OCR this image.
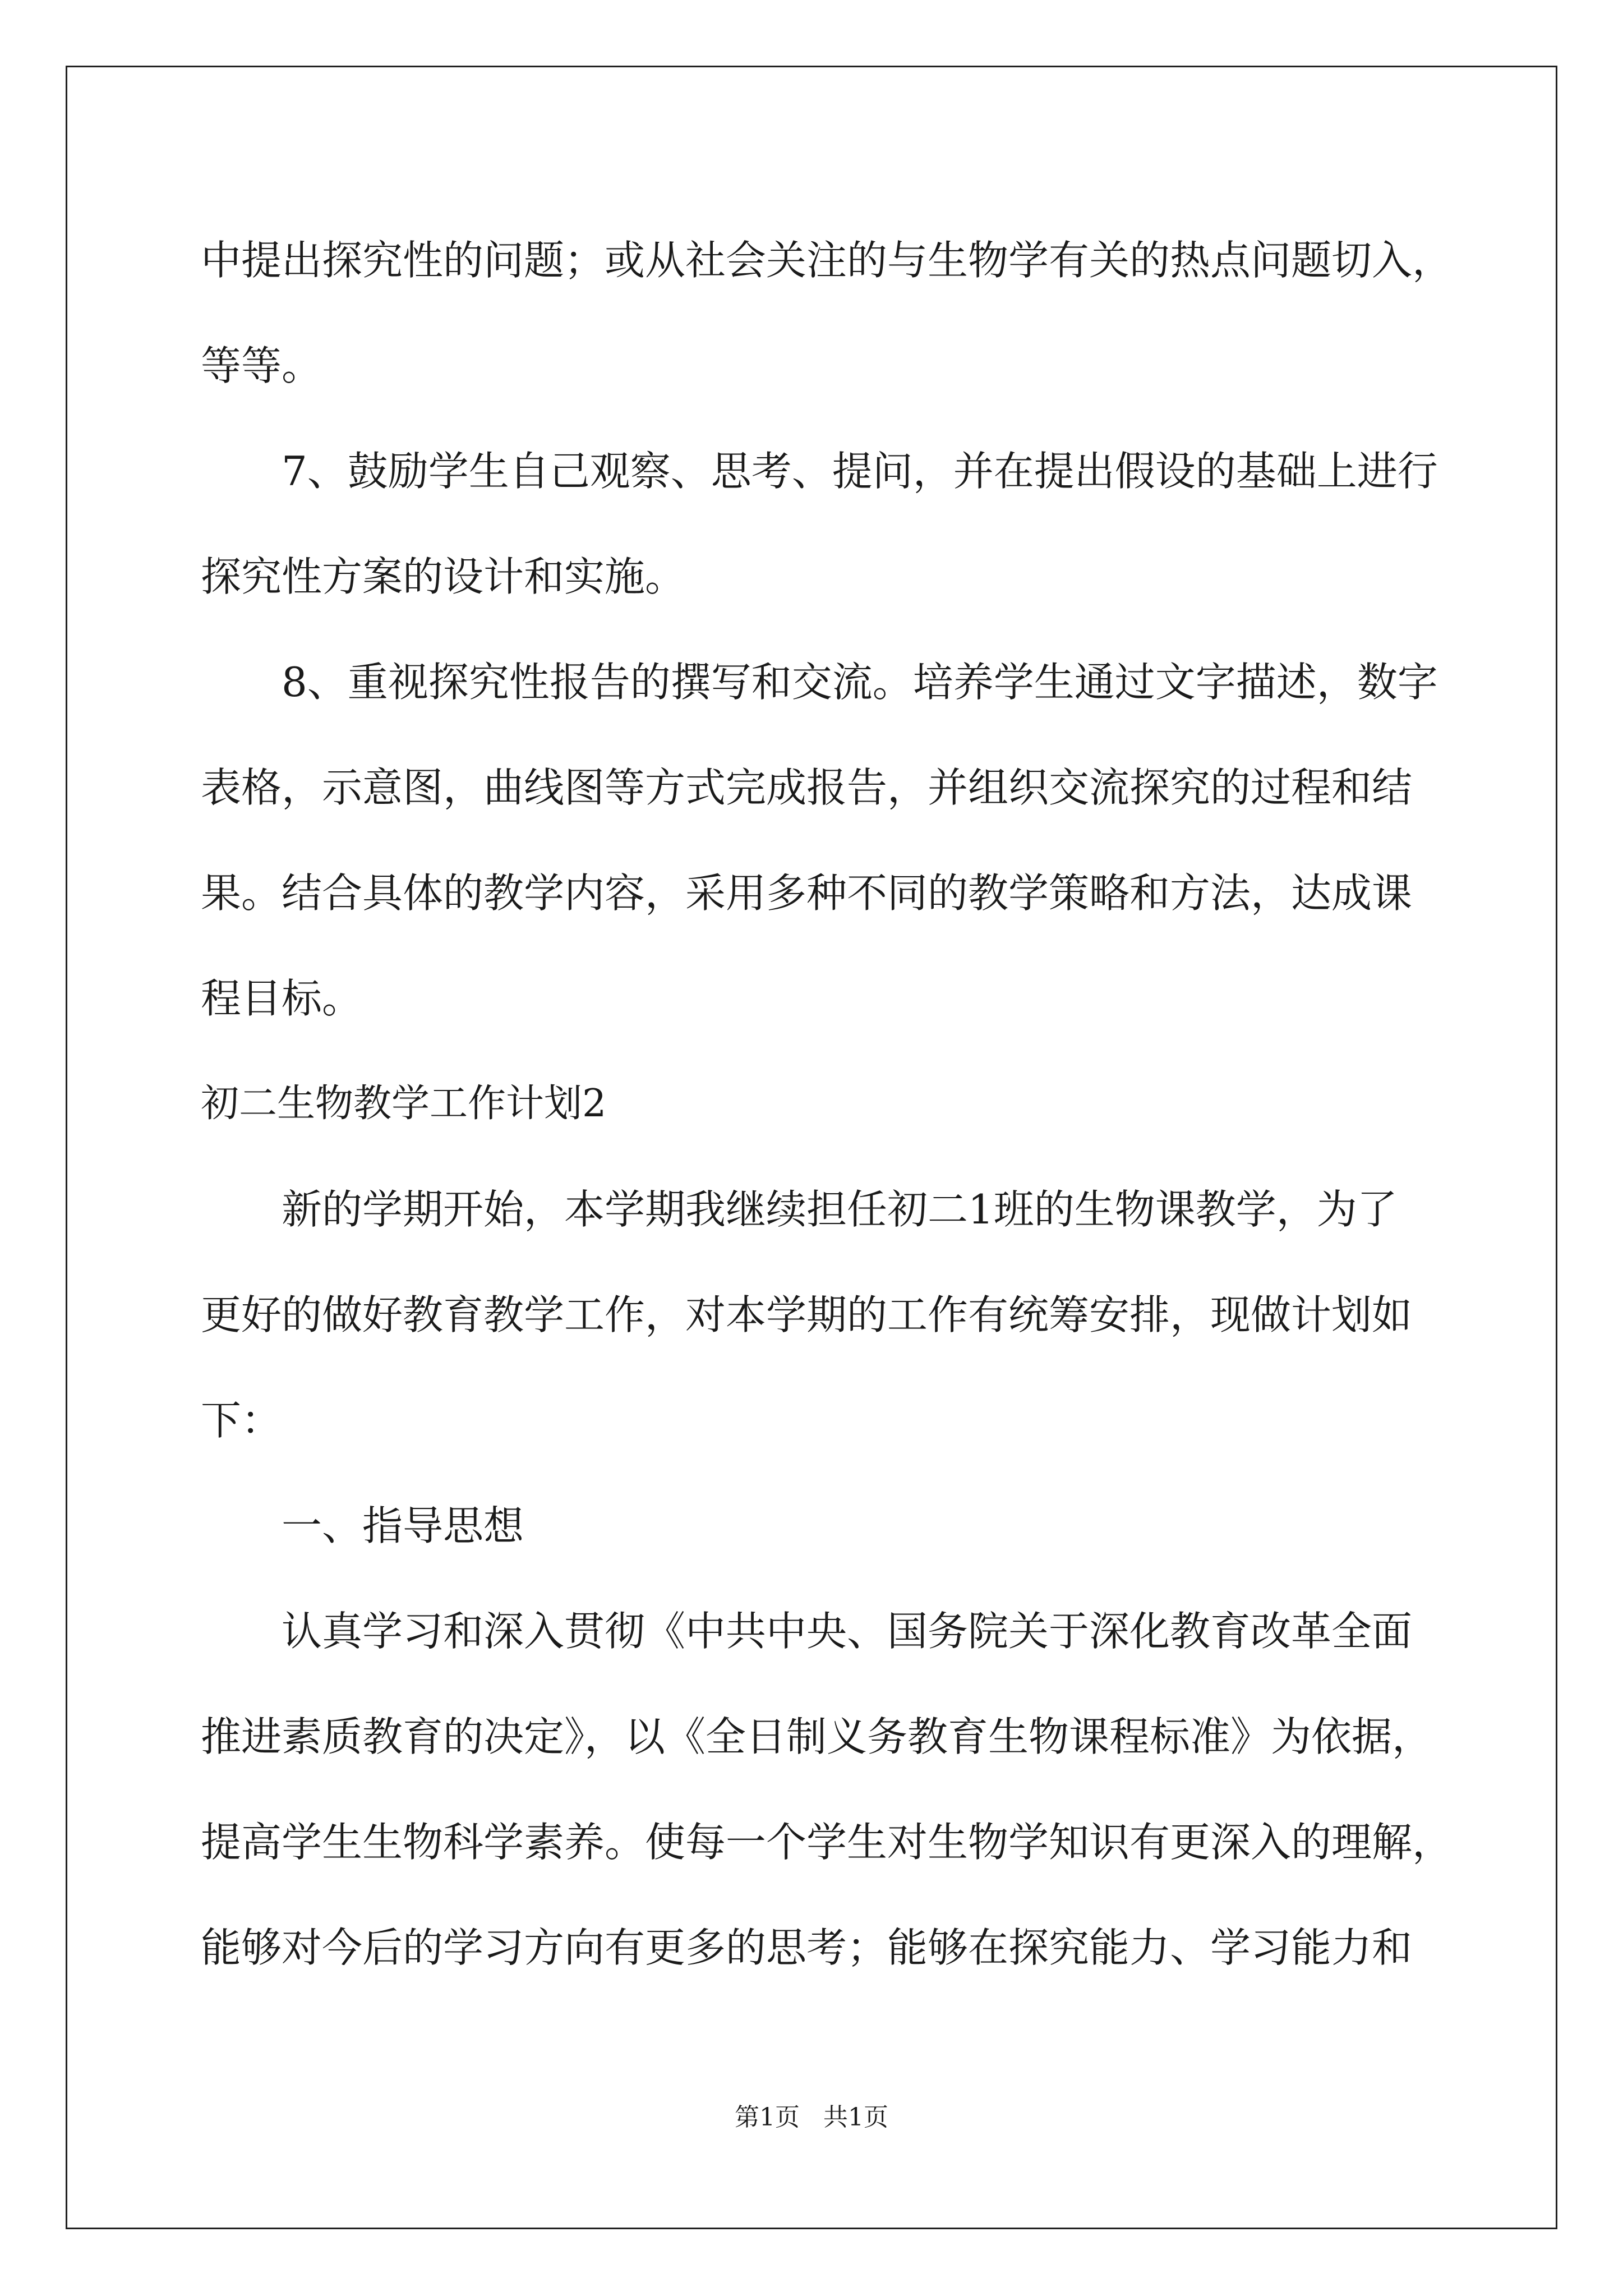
中提出探究性的问题；或从社会关注的与生物学有关的热点问题切入，
等等。
7、鼓励学生自己观察、思考、提问，并在提出假设的基础上进行
探究性方案的设计和实施。
8、重视探究性报告的撰写和交流。培养学生通过文字描述，数字
表格，示意图，曲线图等方式完成报告，并组织交流探究的过程和结
果。结合具体的教学内容，采用多种不同的教学策略和方法，达成课
程目标。
初二生物教学工作计划2
新的学期开始，本学期我继续担任初二1班的生物课教学，为了
更好的做好教育教学工作，对本学期的工作有统筹安排，现做计划如
下：
一、指导思想
认真学习和深入贯彻《中共中央、国务院关于深化教育改革全面
推进素质教育的决定》，以《全日制义务教育生物课程标准》为依据，
提高学生生物科学素养。使每一个学生对生物学知识有更深入的理解，
能够对今后的学习方向有更多的思考；能够在探究能力、学习能力和
第1页   共1页
